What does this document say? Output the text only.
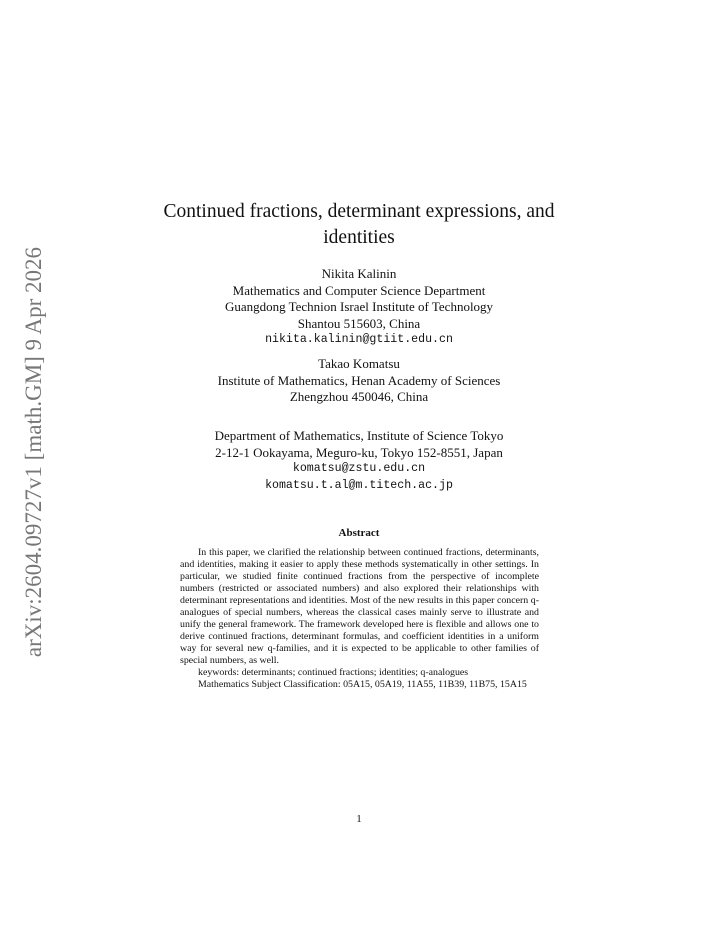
arXiv:2604.09727v1 [math.GM] 9 Apr 2026
Continued fractions, determinant expressions, and identities
Nikita Kalinin
Mathematics and Computer Science Department
Guangdong Technion Israel Institute of Technology
Shantou 515603, China
nikita.kalinin@gtiit.edu.cn
Takao Komatsu
Institute of Mathematics, Henan Academy of Sciences
Zhengzhou 450046, China
Department of Mathematics, Institute of Science Tokyo
2-12-1 Ookayama, Meguro-ku, Tokyo 152-8551, Japan
komatsu@zstu.edu.cn
komatsu.t.al@m.titech.ac.jp
Abstract

In this paper, we clarified the relationship between continued fractions, determinants, and identities, making it easier to apply these methods systematically in other settings. In particular, we studied finite continued fractions from the perspective of incomplete numbers (restricted or associated numbers) and also explored their relationships with determinant representations and identities. Most of the new results in this paper concern q-analogues of special numbers, whereas the classical cases mainly serve to illustrate and unify the general framework. The framework developed here is flexible and allows one to derive continued fractions, determinant formulas, and coefficient identities in a uniform way for several new q-families, and it is expected to be applicable to other families of special numbers, as well.

keywords: determinants; continued fractions; identities; q-analogues

Mathematics Subject Classification: 05A15, 05A19, 11A55, 11B39, 11B75, 15A15

1
